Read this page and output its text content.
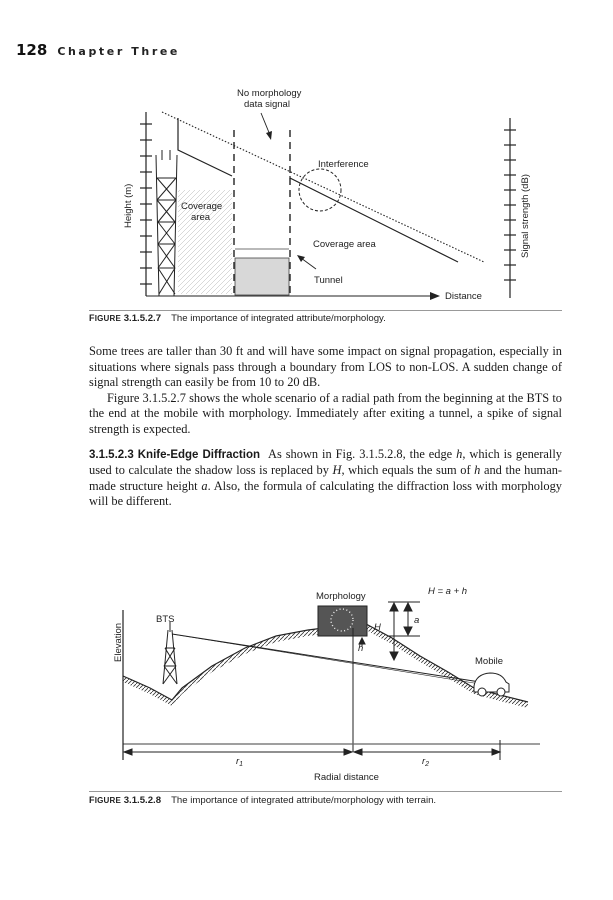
128 Chapter Three
Distance
No morphology
data signal
Interference
Coverage
area
Coverage area
Tunnel
Height (m)	Signal strength (dB)
FIGURE 3.1.5.2.7 The importance of integrated attribute/morphology.

Some trees are taller than 30 ft and will have some impact on signal propagation, especially in situations where signals pass through a boundary from LOS to non-LOS. A sudden change of signal strength can easily be from 10 to 20 dB.

Figure 3.1.5.2.7 shows the whole scenario of a radial path from the beginning at the BTS to the end at the mobile with morphology. Immediately after exiting a tunnel, a spike of signal strength is expected.

3.1.5.2.3 Knife-Edge Diffraction As shown in Fig. 3.1.5.2.8, the edge h, which is generally used to calculate the shadow loss is replaced by H, which equals the sum of h and the human-made structure height a. Also, the formula of calculating the diffraction loss with morphology will be different.

Morphology	H = a + h
BTS
Elevation	H
a
h
Mobile
$r_1$	$r_2$
Radial distance
FIGURE 3.1.5.2.8 The importance of integrated attribute/morphology with terrain.
